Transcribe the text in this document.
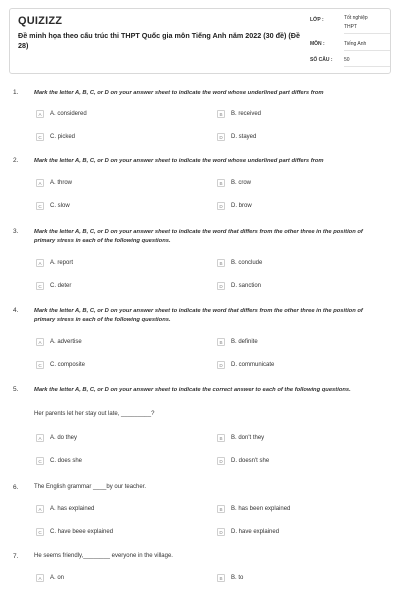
QUIZIZZ
Đề minh họa theo cấu trúc thi THPT Quốc gia môn Tiếng Anh năm 2022 (30 đề) (Đề 28)
LỚP :	Tốt nghiệp
THPT
MÔN :	Tiếng Anh
SỐ CÂU : 50
1.	Mark the letter A, B, C, or D on your answer sheet to indicate the word whose underlined part differs from
A	A. considered	B	B. received
C	C. picked	D	D. stayed
2.	Mark the letter A, B, C, or D on your answer sheet to indicate the word whose underlined part differs from
A	A. throw	B	B. crow
C	C. slow	D	D. brow
3.	Mark the letter A, B, C, or D on your answer sheet to indicate the word that differs from the other three in the position of primary stress in each of the following questions.
A	A. report	B	B. conclude
C	C. deter	D	D. sanction
4.	Mark the letter A, B, C, or D on your answer sheet to indicate the word that differs from the other three in the position of primary stress in each of the following questions.
A	A. advertise	B	B. definite
C	C. composite	D	D. communicate
5.	Mark the letter A, B, C, or D on your answer sheet to indicate the correct answer to each of the following questions.
Her parents let her stay out late, _________?
A	A. do they	B	B. don't they
C	C. does she	D	D. doesn't she
6.	The English grammar ____by our teacher.
A	A. has explained	B	B. has been explained
C	C. have beee explained	D	D. have explained
7.	He seems friendly,________ everyone in the village.
A	A. on	B	B. to
